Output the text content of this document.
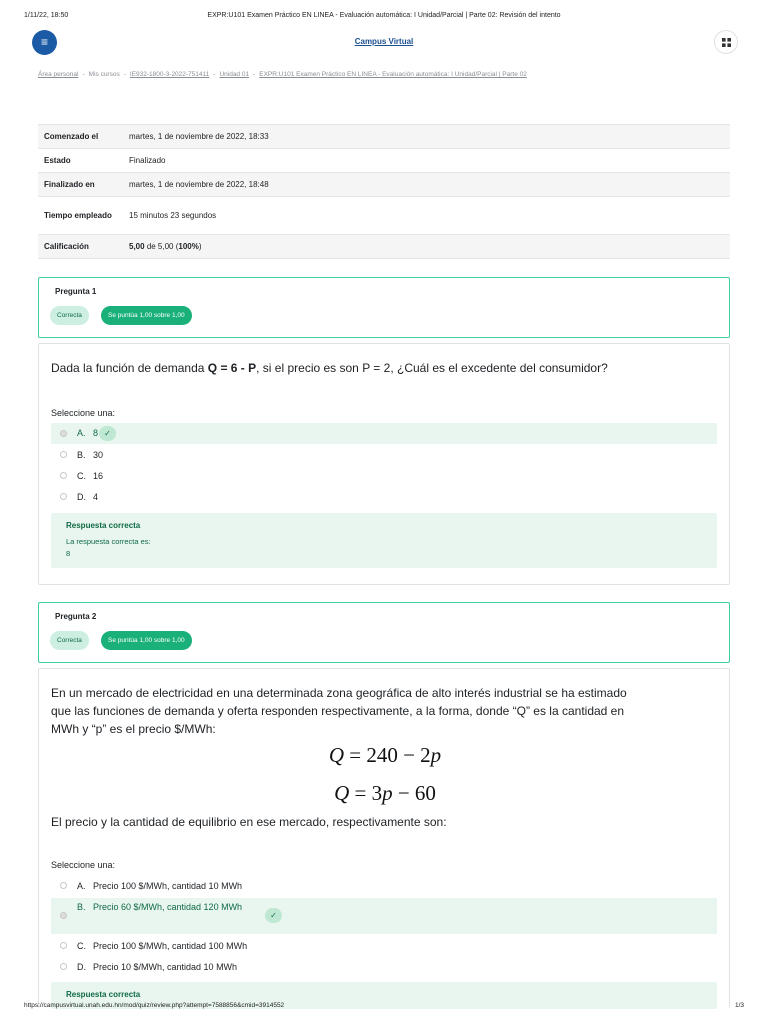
1/11/22, 18:50	EXPR:U101 Examen Práctico EN LINEA - Evaluación automática: I Unidad/Parcial | Parte 02: Revisión del intento
≡	Campus Virtual
Área personal - Mis cursos - IE932-1800-3-2022-751411 - Unidad 01 - EXPR:U101 Examen Práctico EN LINEA - Evaluación automática: I Unidad/Parcial | Parte 02
Comenzado el	martes, 1 de noviembre de 2022, 18:33
Estado	Finalizado
Finalizado en	martes, 1 de noviembre de 2022, 18:48
Tiempo empleado	15 minutos 23 segundos
Calificación	5,00 de 5,00 (100%)
Pregunta 1
Correcta	Se puntúa 1,00 sobre 1,00
Dada la función de demanda Q = 6 - P, si el precio es son P = 2, ¿Cuál es el excedente del consumidor?
Seleccione una:
A. 8 ✓
B. 30
C. 16
D. 4
Respuesta correcta
La respuesta correcta es:
8
Pregunta 2
Correcta	Se puntúa 1,00 sobre 1,00
En un mercado de electricidad en una determinada zona geográfica de alto interés industrial se ha estimado
que las funciones de demanda y oferta responden respectivamente, a la forma, donde “Q” es la cantidad en
MWh y “p” es el precio $/MWh:
Q = 240 − 2p
Q = 3p − 60
El precio y la cantidad de equilibrio en ese mercado, respectivamente son:
Seleccione una:
A. Precio 100 $/MWh, cantidad 10 MWh
B. Precio 60 $/MWh, cantidad 120 MWh
✓
C. Precio 100 $/MWh, cantidad 100 MWh
D. Precio 10 $/MWh, cantidad 10 MWh
Respuesta correcta
https://campusvirtual.unah.edu.hn/mod/quiz/review.php?attempt=7588856&cmid=3914552	1/3
